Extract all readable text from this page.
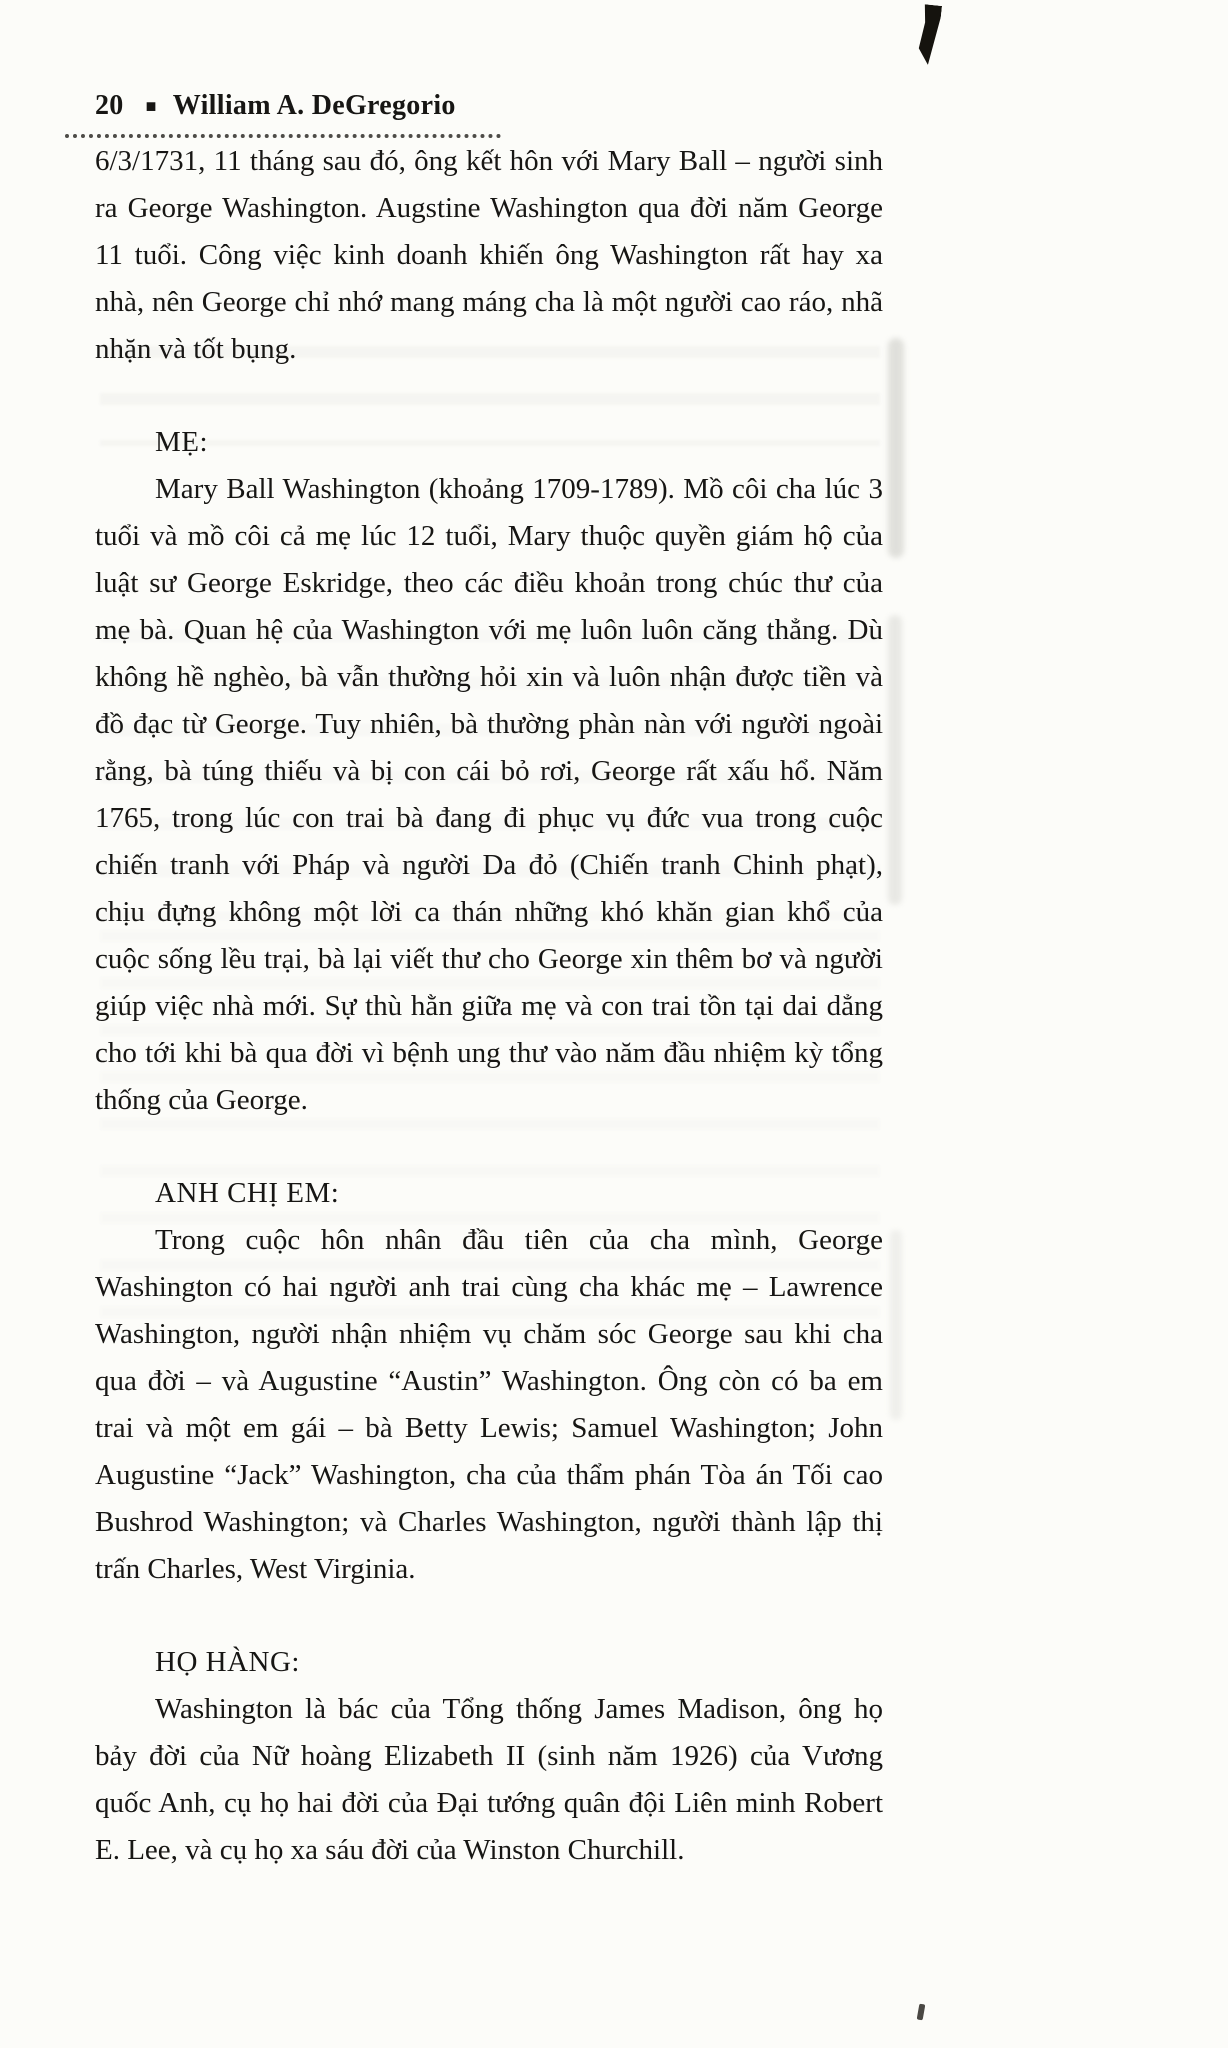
20 ■ William A. DeGregorio

6/3/1731, 11 tháng sau đó, ông kết hôn với Mary Ball – người sinh ra George Washington. Augstine Washington qua đời năm George 11 tuổi. Công việc kinh doanh khiến ông Washington rất hay xa nhà, nên George chỉ nhớ mang máng cha là một người cao ráo, nhã nhặn và tốt bụng.

MẸ:

Mary Ball Washington (khoảng 1709-1789). Mồ côi cha lúc 3 tuổi và mồ côi cả mẹ lúc 12 tuổi, Mary thuộc quyền giám hộ của luật sư George Eskridge, theo các điều khoản trong chúc thư của mẹ bà. Quan hệ của Washington với mẹ luôn luôn căng thẳng. Dù không hề nghèo, bà vẫn thường hỏi xin và luôn nhận được tiền và đồ đạc từ George. Tuy nhiên, bà thường phàn nàn với người ngoài rằng, bà túng thiếu và bị con cái bỏ rơi, George rất xấu hổ. Năm 1765, trong lúc con trai bà đang đi phục vụ đức vua trong cuộc chiến tranh với Pháp và người Da đỏ (Chiến tranh Chinh phạt), chịu đựng không một lời ca thán những khó khăn gian khổ của cuộc sống lều trại, bà lại viết thư cho George xin thêm bơ và người giúp việc nhà mới. Sự thù hằn giữa mẹ và con trai tồn tại dai dẳng cho tới khi bà qua đời vì bệnh ung thư vào năm đầu nhiệm kỳ tổng thống của George.

ANH CHỊ EM:

Trong cuộc hôn nhân đầu tiên của cha mình, George Washington có hai người anh trai cùng cha khác mẹ – Lawrence Washington, người nhận nhiệm vụ chăm sóc George sau khi cha qua đời – và Augustine “Austin” Washington. Ông còn có ba em trai và một em gái – bà Betty Lewis; Samuel Washington; John Augustine “Jack” Washington, cha của thẩm phán Tòa án Tối cao Bushrod Washington; và Charles Washington, người thành lập thị trấn Charles, West Virginia.

HỌ HÀNG:

Washington là bác của Tổng thống James Madison, ông họ bảy đời của Nữ hoàng Elizabeth II (sinh năm 1926) của Vương quốc Anh, cụ họ hai đời của Đại tướng quân đội Liên minh Robert E. Lee, và cụ họ xa sáu đời của Winston Churchill.
